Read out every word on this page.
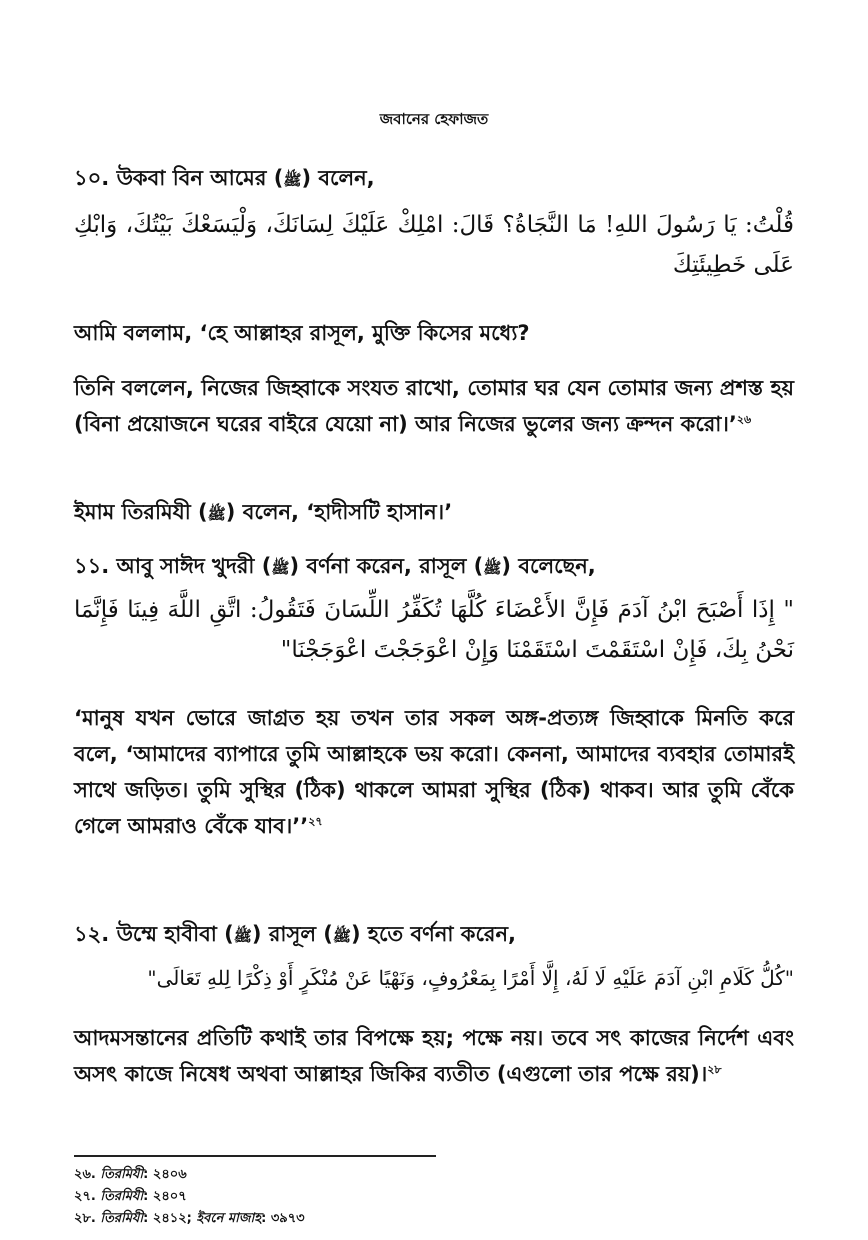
জবানের হেফাজত
১০. উকবা বিন আমের (ﷺ) বলেন,
قُلْتُ: يَا رَسُولَ اللهِ! مَا النَّجَاةُ؟ قَالَ: امْلِكْ عَلَيْكَ لِسَانَكَ، وَلْيَسَعْكَ بَيْتُكَ، وَابْكِ عَلَى خَطِيئَتِكَ
আমি বললাম, ‘হে আল্লাহর রাসূল, মুক্তি কিসের মধ্যে?
তিনি বললেন, নিজের জিহ্বাকে সংযত রাখো, তোমার ঘর যেন তোমার জন্য প্রশস্ত হয় (বিনা প্রয়োজনে ঘরের বাইরে যেয়ো না) আর নিজের ভুলের জন্য ক্রন্দন করো।’$^{২৬}$
ইমাম তিরমিযী (ﷺ) বলেন, ‘হাদীসটি হাসান।’
১১. আবু সাঈদ খুদরী (ﷺ) বর্ণনা করেন, রাসূল (ﷺ) বলেছেন,
" إِذَا أَصْبَحَ ابْنُ آدَمَ فَإِنَّ الأَعْضَاءَ كُلَّهَا تُكَفِّرُ اللِّسَانَ فَتَقُولُ: اتَّقِ اللَّهَ فِينَا فَإِنَّمَا نَحْنُ بِكَ، فَإِنْ اسْتَقَمْتَ اسْتَقَمْنَا وَإِنْ اعْوَجَجْتَ اعْوَجَجْنَا"
‘মানুষ যখন ভোরে জাগ্রত হয় তখন তার সকল অঙ্গ-প্রত্যঙ্গ জিহ্বাকে মিনতি করে বলে, ‘আমাদের ব্যাপারে তুমি আল্লাহকে ভয় করো। কেননা, আমাদের ব্যবহার তোমারই সাথে জড়িত। তুমি সুস্থির (ঠিক) থাকলে আমরা সুস্থির (ঠিক) থাকব। আর তুমি বেঁকে গেলে আমরাও বেঁকে যাব।’’$^{২৭}$
১২. উম্মে হাবীবা (ﷺ) রাসূল (ﷺ) হতে বর্ণনা করেন,
"كُلُّ كَلَامِ ابْنِ آدَمَ عَلَيْهِ لَا لَهُ، إِلَّا أَمْرًا بِمَعْرُوفٍ، وَنَهْيًا عَنْ مُنْكَرٍ أَوْ ذِكْرًا لِلهِ تَعَالَى"
আদমসন্তানের প্রতিটি কথাই তার বিপক্ষে হয়; পক্ষে নয়। তবে সৎ কাজের নির্দেশ এবং অসৎ কাজে নিষেধ অথবা আল্লাহর জিকির ব্যতীত (এগুলো তার পক্ষে রয়)।$^{২৮}$
২৬. তিরমিযী: ২৪০৬
২৭. তিরমিযী: ২৪০৭
২৮. তিরমিযী: ২৪১২; ইবনে মাজাহ: ৩৯৭৩
